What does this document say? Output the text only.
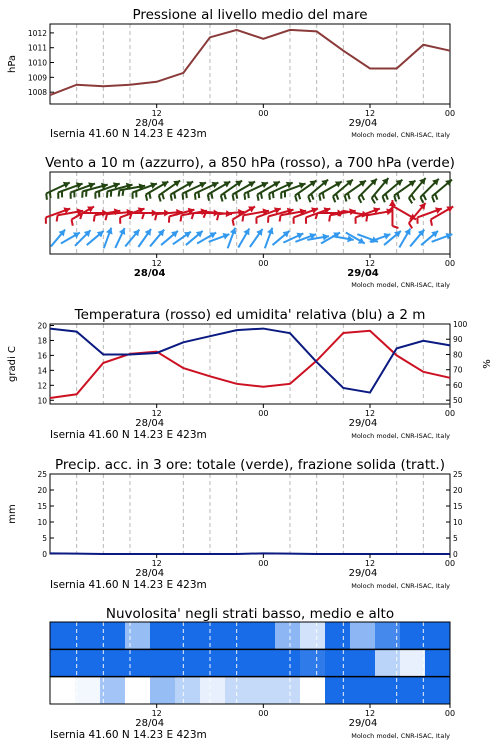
Pressione al livello medio del mare
1008
1009
1010
1011
1012
hPa
12	00	12	00
28/04	29/04
Isernia 41.60 N 14.23 E 423m	Moloch model, CNR-ISAC, Italy
Vento a 10 m (azzurro), a 850 hPa (rosso), a 700 hPa (verde)
12	00	12	00
28/04	29/04
Moloch model, CNR-ISAC, Italy
Temperatura (rosso) ed umidita' relativa (blu) a 2 m
10
12
14
16
18
20
50
60
70
80
90
100
gradi C	%
12	00	12	00
28/04	29/04
Isernia 41.60 N 14.23 E 423m	Moloch model, CNR-ISAC, Italy
Precip. acc. in 3 ore: totale (verde), frazione solida (tratt.)
0	0
5	5
10	10
15	15
20	20
25	25
mm
12	00	12	00
28/04	29/04
Isernia 41.60 N 14.23 E 423m	Moloch model, CNR-ISAC, Italy
Nuvolosita' negli strati basso, medio e alto
12	00	12	00
28/04	29/04
Isernia 41.60 N 14.23 E 423m	Moloch model, CNR-ISAC, Italy
